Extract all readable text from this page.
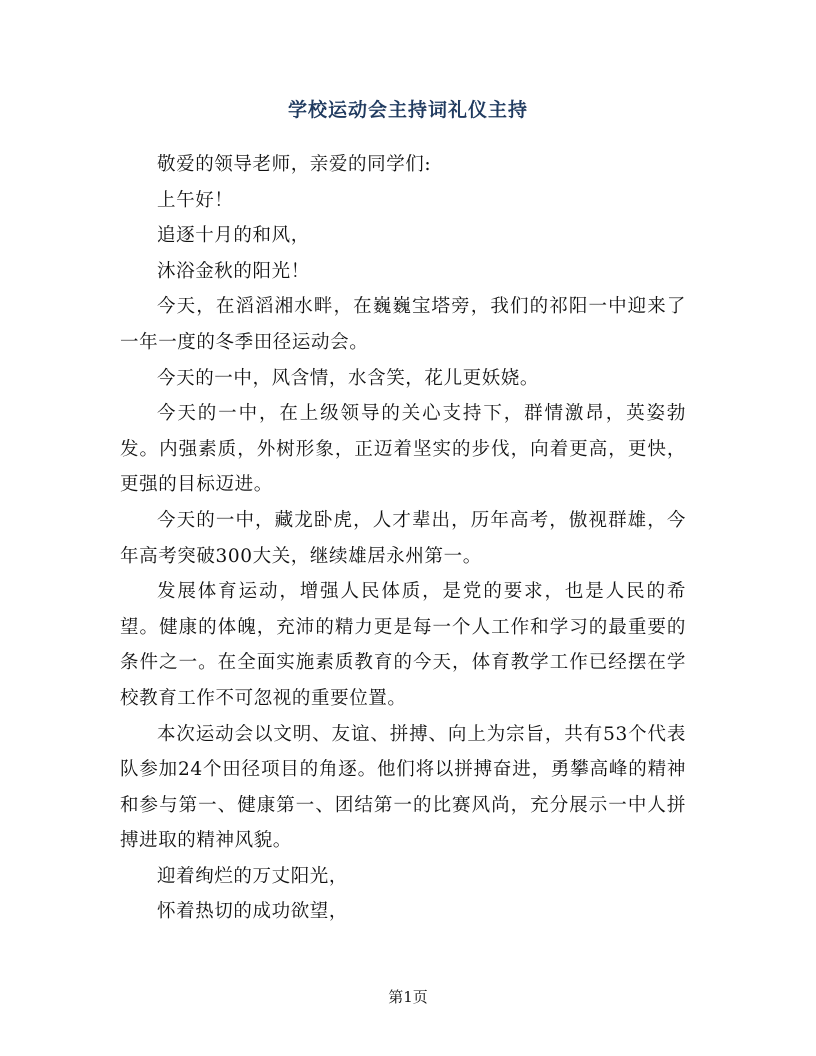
学校运动会主持词礼仪主持

敬爱的领导老师，亲爱的同学们:

上午好！

追逐十月的和风，

沐浴金秋的阳光！

今天，在滔滔湘水畔，在巍巍宝塔旁，我们的祁阳一中迎来了一年一度的冬季田径运动会。

今天的一中，风含情，水含笑，花儿更妖娆。

今天的一中，在上级领导的关心支持下，群情激昂，英姿勃发。内强素质，外树形象，正迈着坚实的步伐，向着更高，更快，更强的目标迈进。

今天的一中，藏龙卧虎，人才辈出，历年高考，傲视群雄，今年高考突破300大关，继续雄居永州第一。

发展体育运动，增强人民体质，是党的要求，也是人民的希望。健康的体魄，充沛的精力更是每一个人工作和学习的最重要的条件之一。在全面实施素质教育的今天，体育教学工作已经摆在学校教育工作不可忽视的重要位置。

本次运动会以文明、友谊、拼搏、向上为宗旨，共有53个代表队参加24个田径项目的角逐。他们将以拼搏奋进，勇攀高峰的精神和参与第一、健康第一、团结第一的比赛风尚，充分展示一中人拼搏进取的精神风貌。

迎着绚烂的万丈阳光，

怀着热切的成功欲望，

第1页
